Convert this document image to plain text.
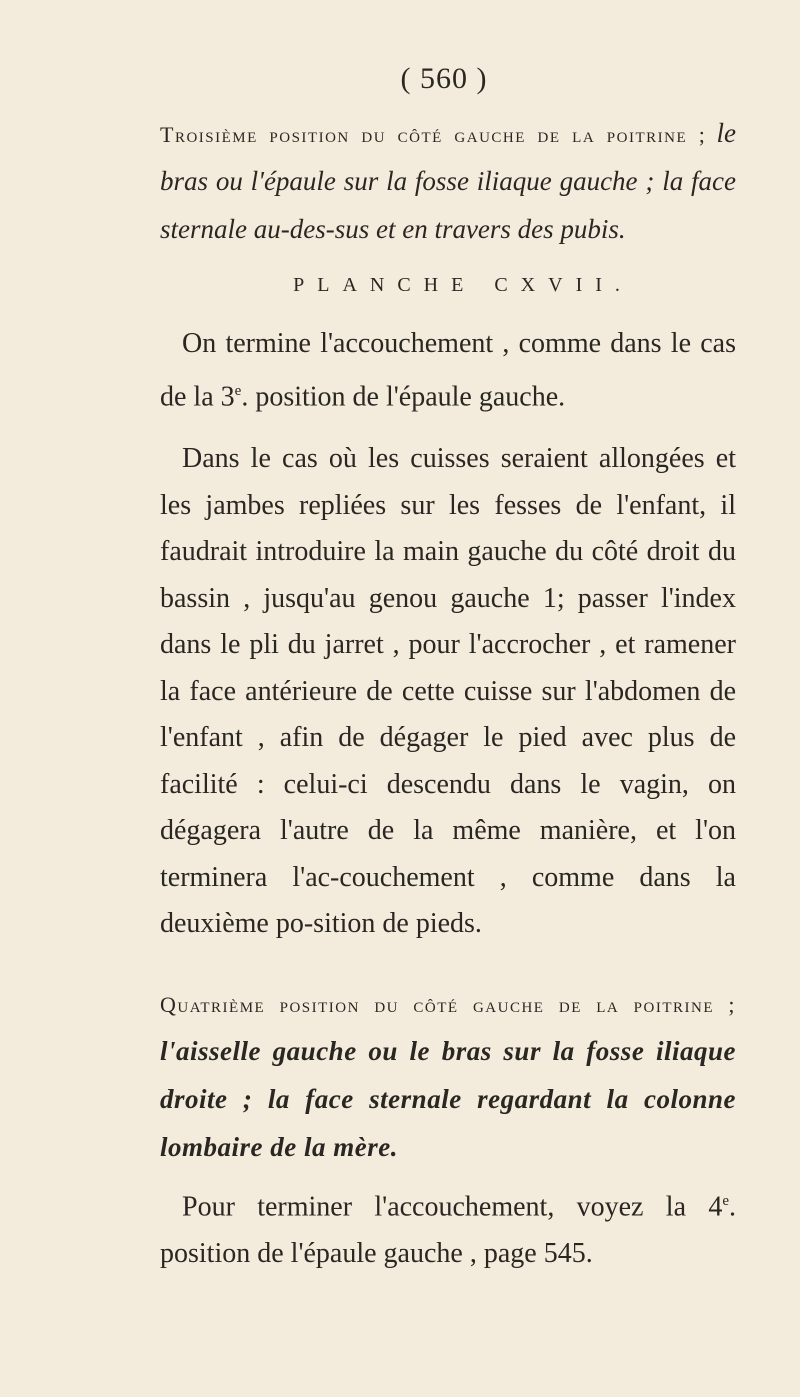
( 560 )

Troisième position du côté gauche de la poitrine ; le bras ou l'épaule sur la fosse iliaque gauche ; la face sternale au-des-sus et en travers des pubis.

PLANCHE CXVII.

On termine l'accouchement , comme dans le cas de la 3e. position de l'épaule gauche.

Dans le cas où les cuisses seraient allongées et les jambes repliées sur les fesses de l'enfant, il faudrait introduire la main gauche du côté droit du bassin , jusqu'au genou gauche 1; passer l'index dans le pli du jarret , pour l'accrocher , et ramener la face antérieure de cette cuisse sur l'abdomen de l'enfant , afin de dégager le pied avec plus de facilité : celui-ci descendu dans le vagin, on dégagera l'autre de la même manière, et l'on terminera l'ac-couchement , comme dans la deuxième po-sition de pieds.

Quatrième position du côté gauche de la poitrine ; l'aisselle gauche ou le bras sur la fosse iliaque droite ; la face sternale regardant la colonne lombaire de la mère.

Pour terminer l'accouchement, voyez la 4e. position de l'épaule gauche , page 545.
